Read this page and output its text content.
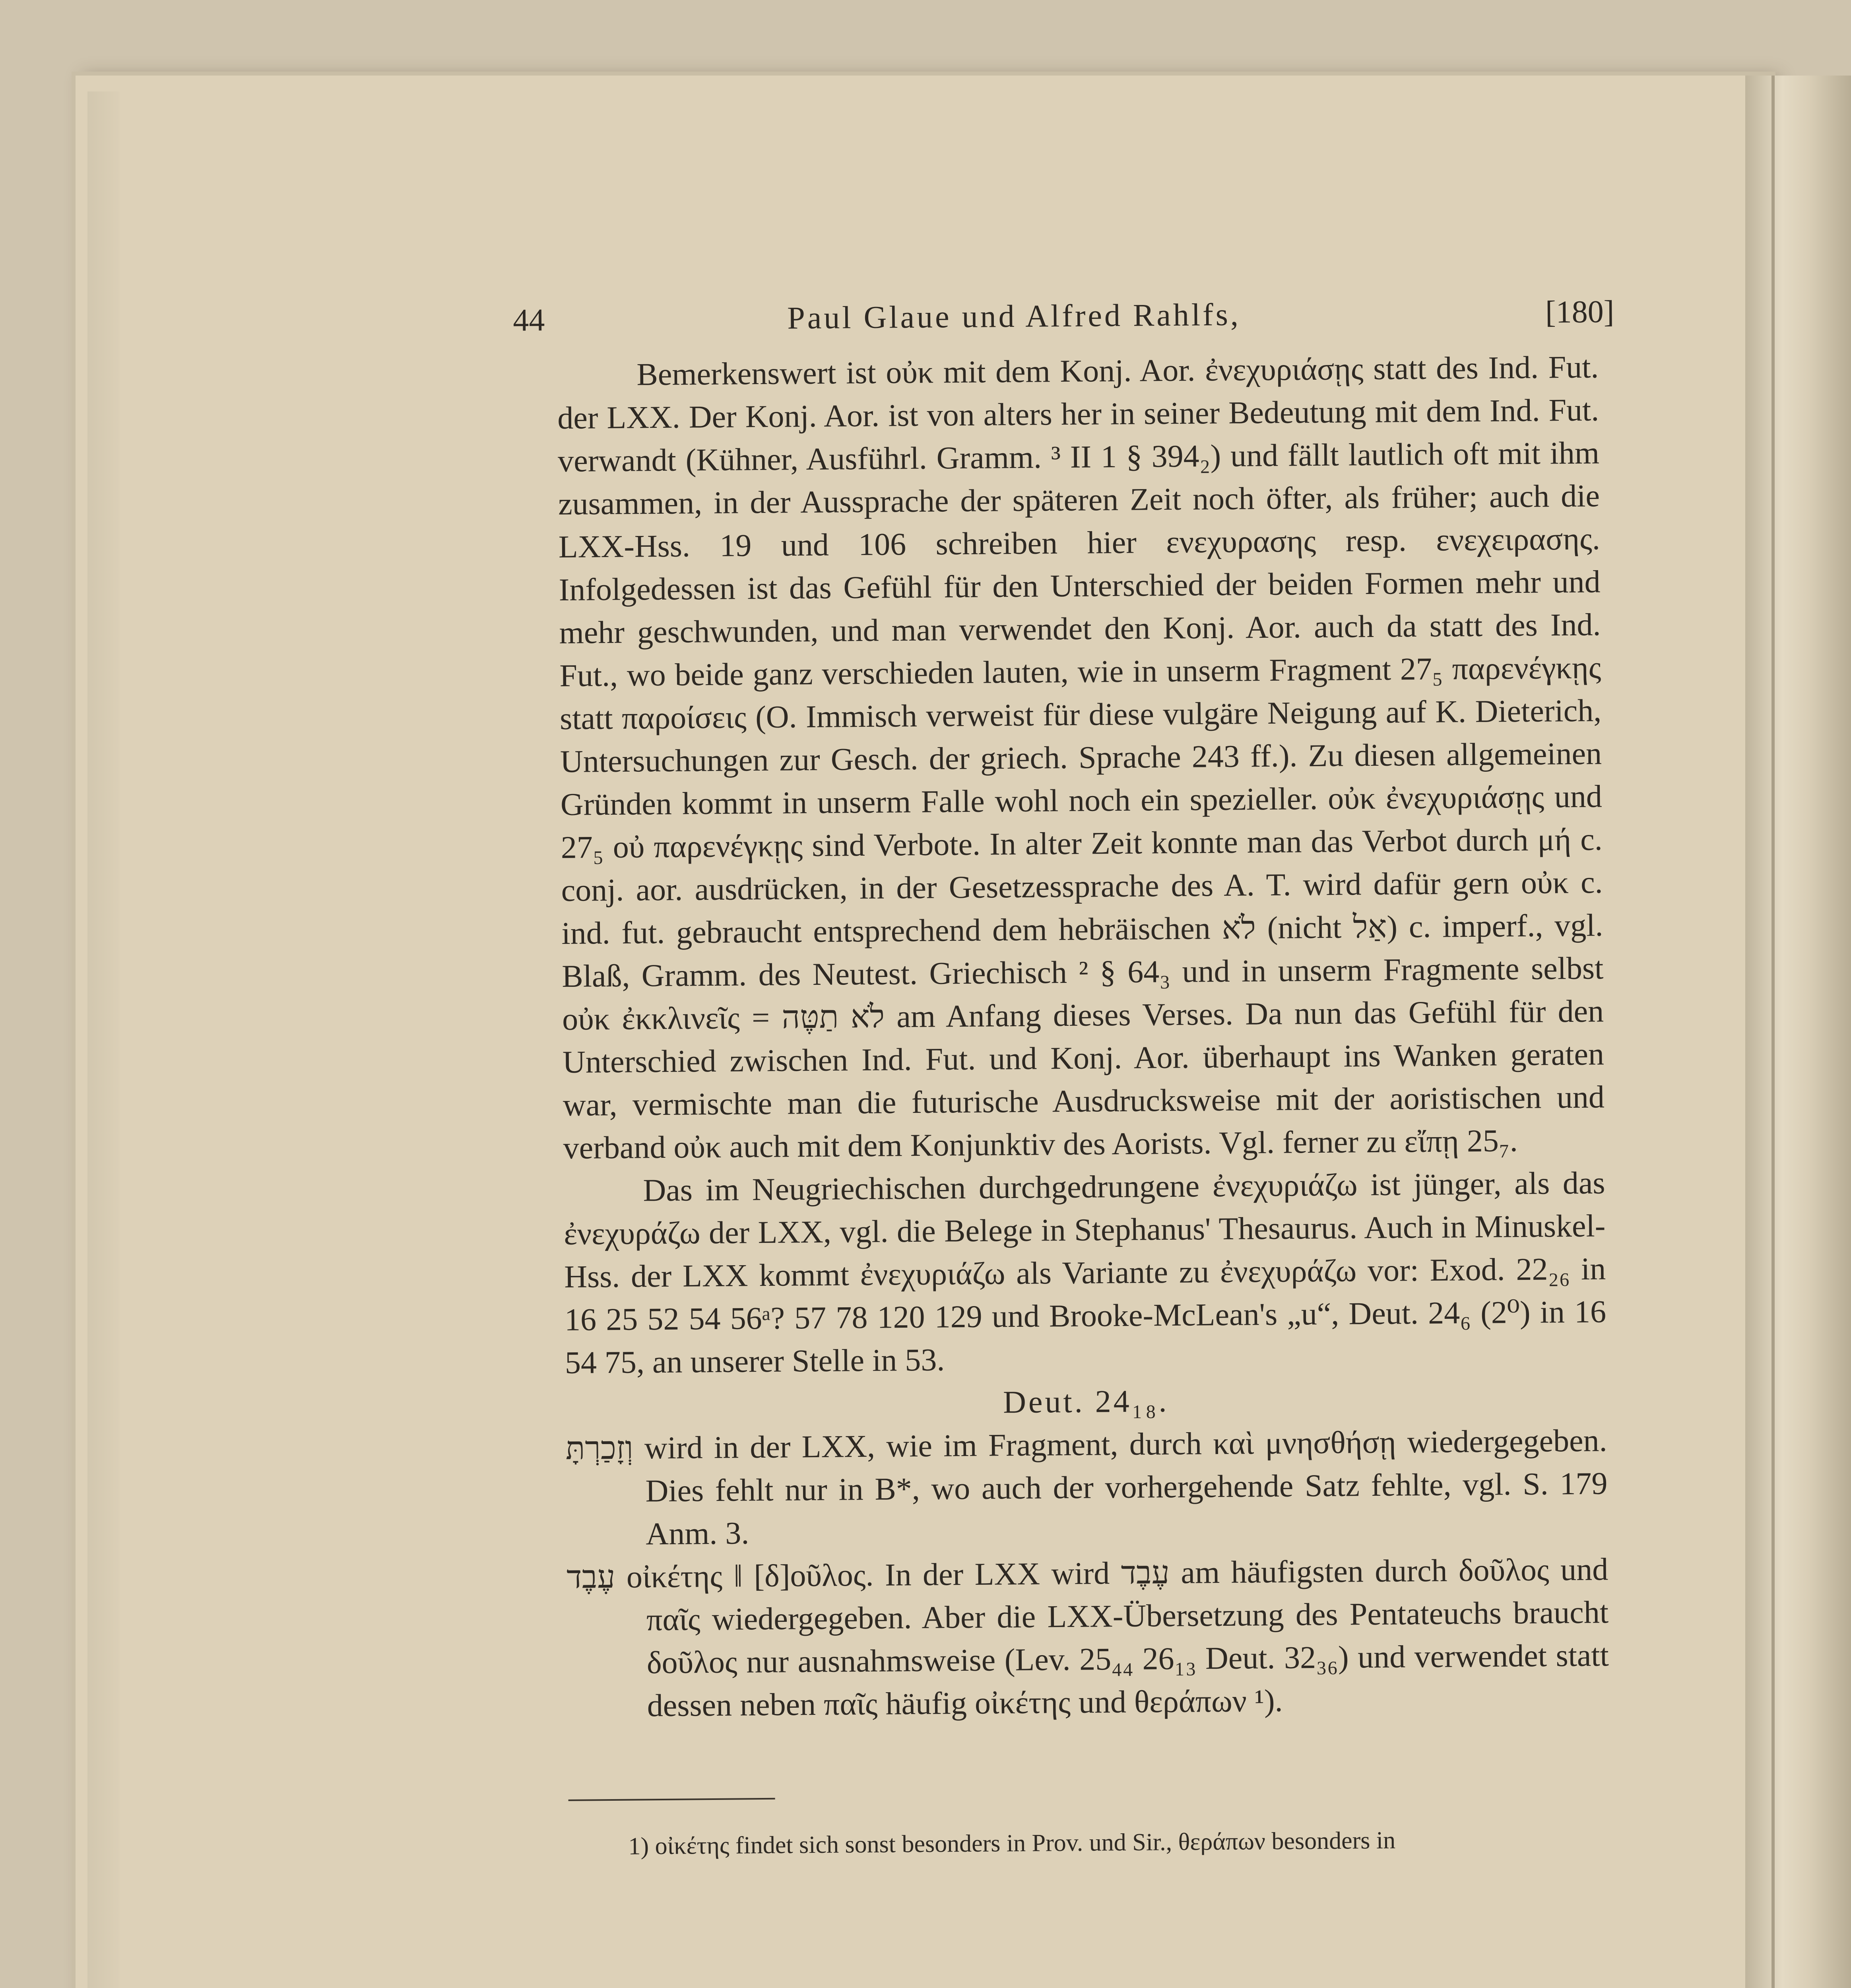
44	Paul Glaue und Alfred Rahlfs,	[180]

Bemerkenswert ist οὐκ mit dem Konj. Aor. ἐνεχυριάσῃς statt des Ind. Fut. der LXX. Der Konj. Aor. ist von alters her in seiner Bedeutung mit dem Ind. Fut. verwandt (Kühner, Ausführl. Gramm. ³ II 1 § 394₂) und fällt lautlich oft mit ihm zusammen, in der Aussprache der späteren Zeit noch öfter, als früher; auch die LXX-Hss. 19 und 106 schreiben hier ενεχυρασης resp. ενεχειρασης. Infolgedessen ist das Gefühl für den Unterschied der beiden Formen mehr und mehr geschwunden, und man verwendet den Konj. Aor. auch da statt des Ind. Fut., wo beide ganz verschieden lauten, wie in unserm Fragment 27₅ παρενέγκῃς statt παροίσεις (O. Immisch verweist für diese vulgäre Neigung auf K. Dieterich, Untersuchungen zur Gesch. der griech. Sprache 243 ff.). Zu diesen allgemeinen Gründen kommt in unserm Falle wohl noch ein spezieller. οὐκ ἐνεχυριάσῃς und 27₅ οὐ παρενέγκῃς sind Verbote. In alter Zeit konnte man das Verbot durch μή c. conj. aor. ausdrücken, in der Gesetzessprache des A. T. wird dafür gern οὐκ c. ind. fut. gebraucht entsprechend dem hebräischen לֹא (nicht אַל) c. imperf., vgl. Blaß, Gramm. des Neutest. Griechisch ² § 64₃ und in unserm Fragmente selbst οὐκ ἐκκλινεῖς = לֹא תַטֶּה am Anfang dieses Verses. Da nun das Gefühl für den Unterschied zwischen Ind. Fut. und Konj. Aor. überhaupt ins Wanken geraten war, vermischte man die futurische Ausdrucksweise mit der aoristischen und verband οὐκ auch mit dem Konjunktiv des Aorists. Vgl. ferner zu εἴπῃ 25₇.

Das im Neugriechischen durchgedrungene ἐνεχυριάζω ist jünger, als das ἐνεχυράζω der LXX, vgl. die Belege in Stephanus' Thesaurus. Auch in Minuskel-Hss. der LXX kommt ἐνεχυριάζω als Variante zu ἐνεχυράζω vor: Exod. 22₂₆ in 16 25 52 54 56ᵃ? 57 78 120 129 und Brooke-McLean's „u“, Deut. 24₆ (2⁰) in 16 54 75, an unserer Stelle in 53.

Deut. 24₁₈.

וְזָכַרְתָּ wird in der LXX, wie im Fragment, durch καὶ μνησθήσῃ wiedergegeben. Dies fehlt nur in B*, wo auch der vorhergehende Satz fehlte, vgl. S. 179 Anm. 3.

עֶבֶד οἰκέτης ‖ [δ]οῦλος. In der LXX wird עֶבֶד am häufigsten durch δοῦλος und παῖς wiedergegeben. Aber die LXX-Übersetzung des Pentateuchs braucht δοῦλος nur ausnahmsweise (Lev. 25₄₄ 26₁₃ Deut. 32₃₆) und verwendet statt dessen neben παῖς häufig οἰκέτης und θεράπων ¹).

1) οἰκέτης findet sich sonst besonders in Prov. und Sir., θεράπων besonders in
